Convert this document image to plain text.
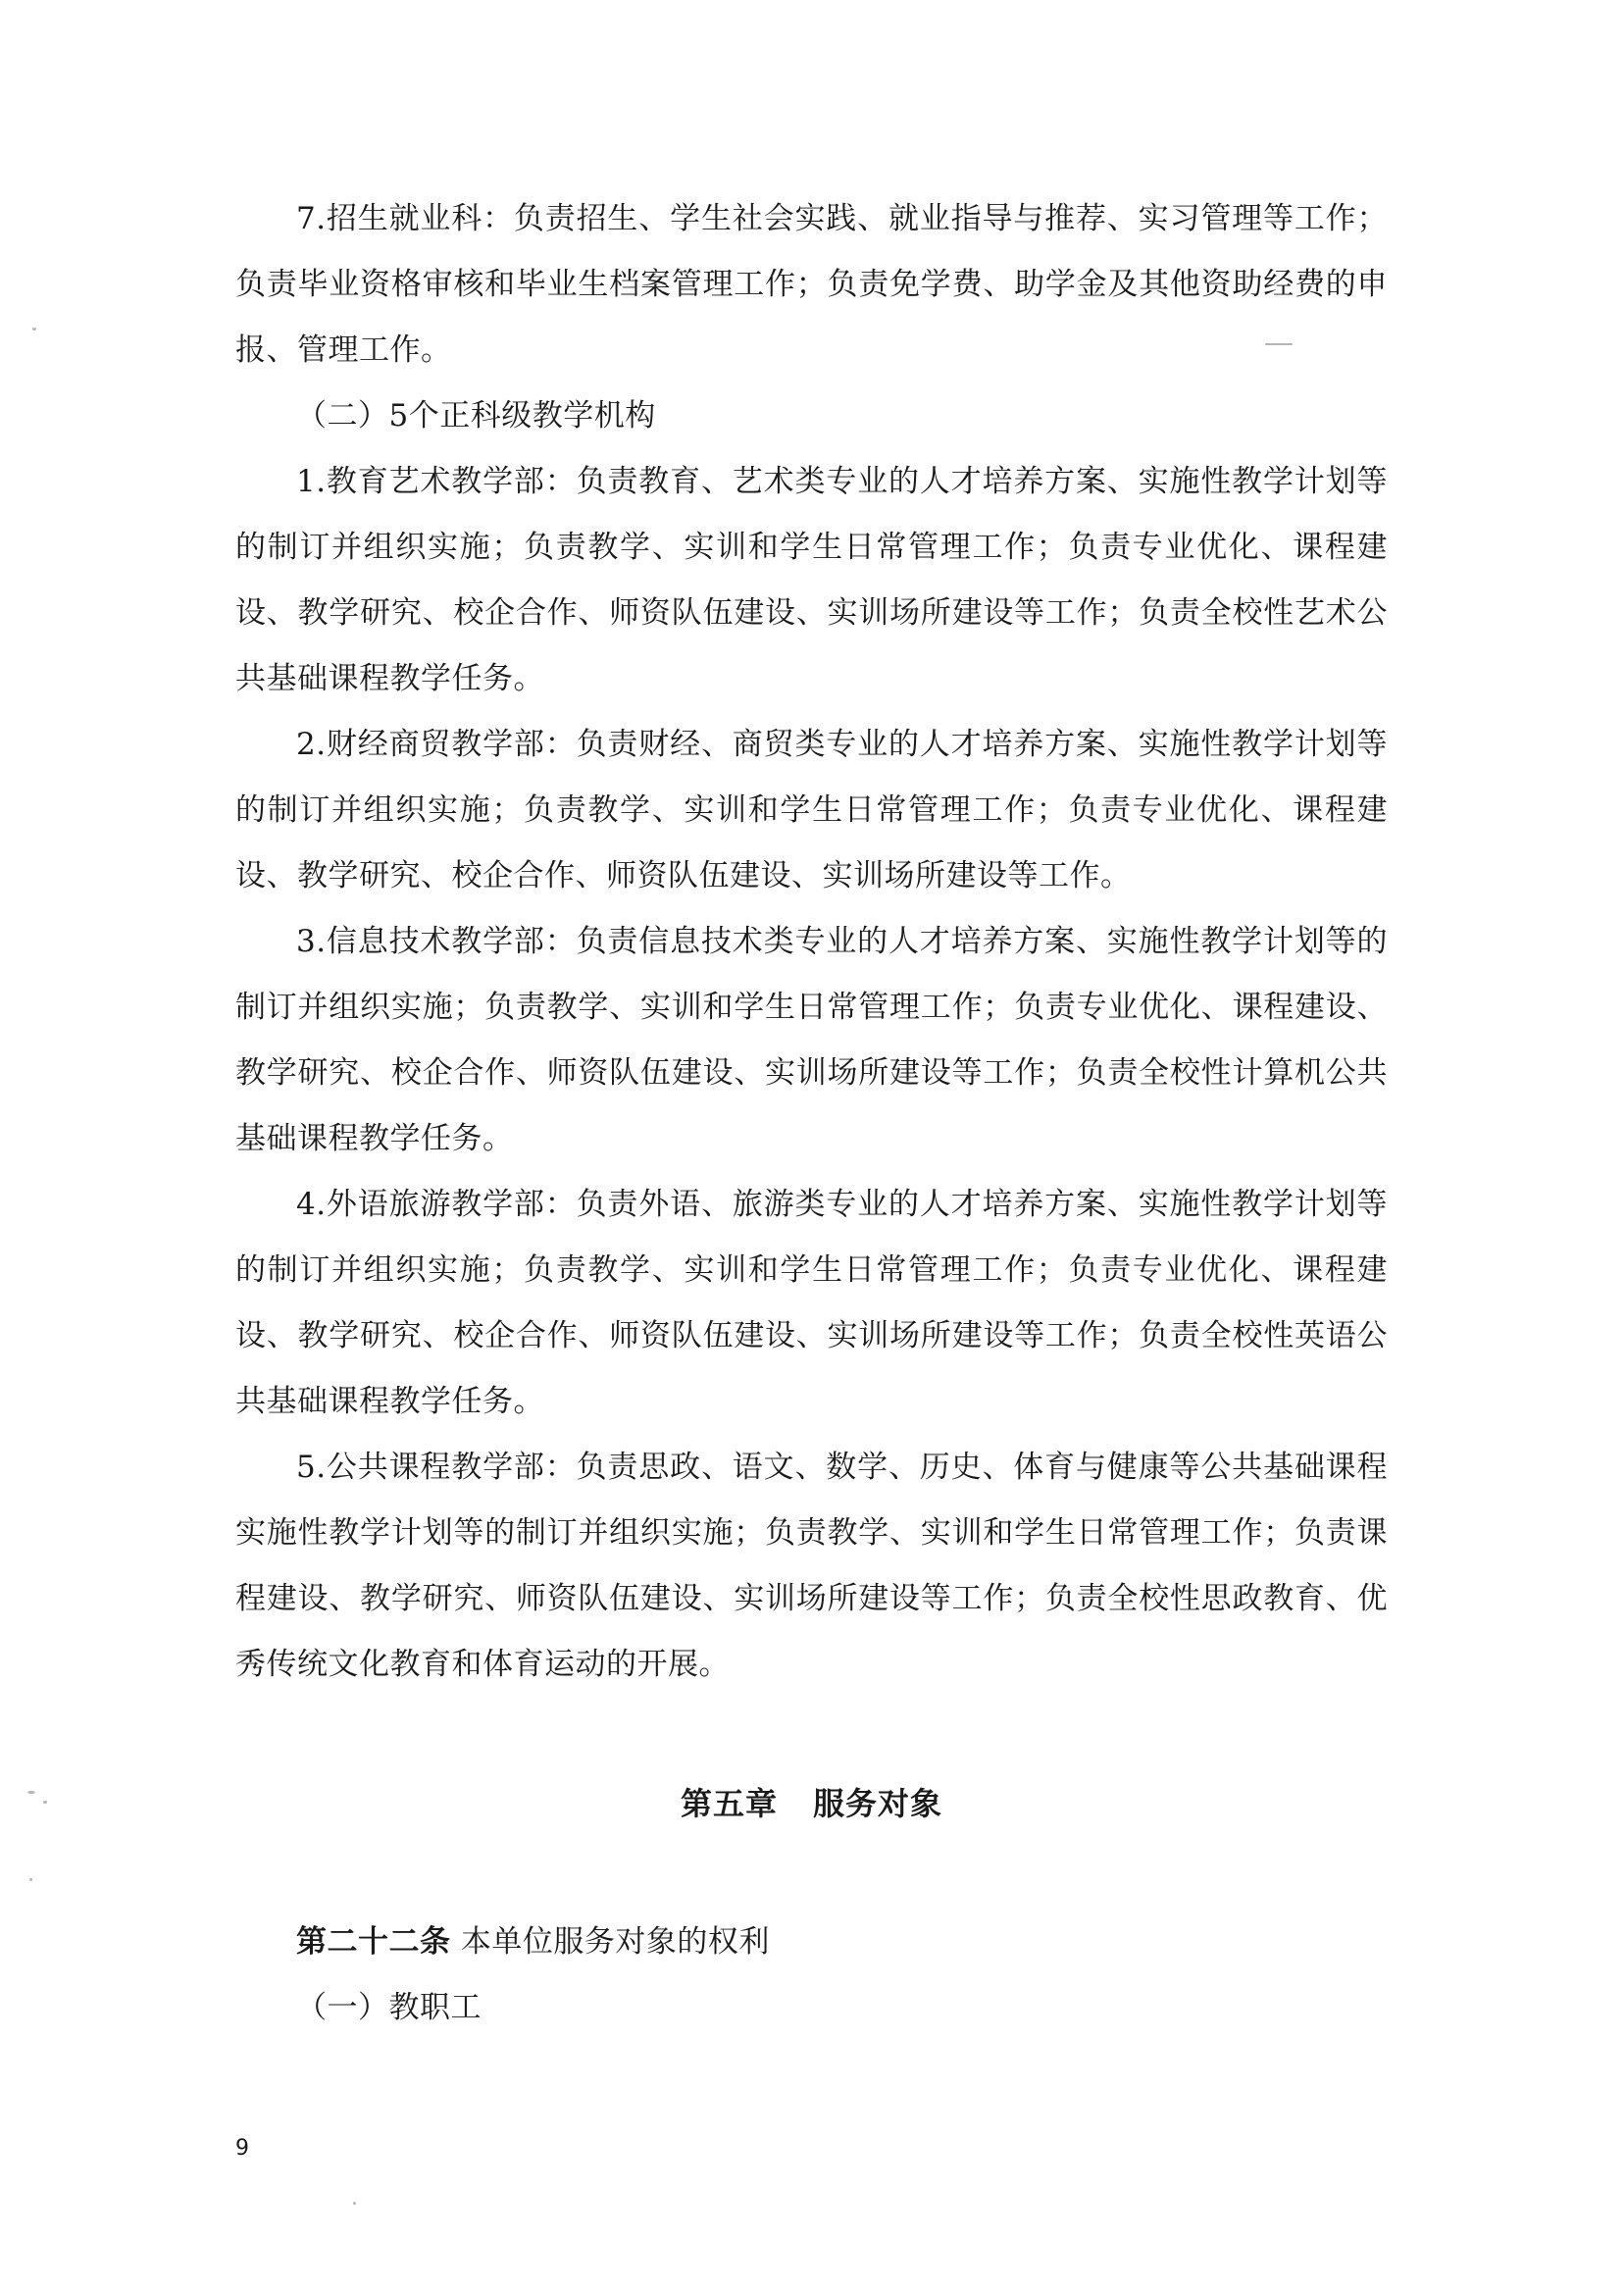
7.招生就业科：负责招生、学生社会实践、就业指导与推荐、实习管理等工作；负责毕业资格审核和毕业生档案管理工作；负责免学费、助学金及其他资助经费的申报、管理工作。

（二）5个正科级教学机构

1.教育艺术教学部：负责教育、艺术类专业的人才培养方案、实施性教学计划等的制订并组织实施；负责教学、实训和学生日常管理工作；负责专业优化、课程建设、教学研究、校企合作、师资队伍建设、实训场所建设等工作；负责全校性艺术公共基础课程教学任务。

2.财经商贸教学部：负责财经、商贸类专业的人才培养方案、实施性教学计划等的制订并组织实施；负责教学、实训和学生日常管理工作；负责专业优化、课程建设、教学研究、校企合作、师资队伍建设、实训场所建设等工作。

3.信息技术教学部：负责信息技术类专业的人才培养方案、实施性教学计划等的制订并组织实施；负责教学、实训和学生日常管理工作；负责专业优化、课程建设、教学研究、校企合作、师资队伍建设、实训场所建设等工作；负责全校性计算机公共基础课程教学任务。

4.外语旅游教学部：负责外语、旅游类专业的人才培养方案、实施性教学计划等的制订并组织实施；负责教学、实训和学生日常管理工作；负责专业优化、课程建设、教学研究、校企合作、师资队伍建设、实训场所建设等工作；负责全校性英语公共基础课程教学任务。

5.公共课程教学部：负责思政、语文、数学、历史、体育与健康等公共基础课程实施性教学计划等的制订并组织实施；负责教学、实训和学生日常管理工作；负责课程建设、教学研究、师资队伍建设、实训场所建设等工作；负责全校性思政教育、优秀传统文化教育和体育运动的开展。

第五章 服务对象

第二十二条 本单位服务对象的权利

（一）教职工

9
